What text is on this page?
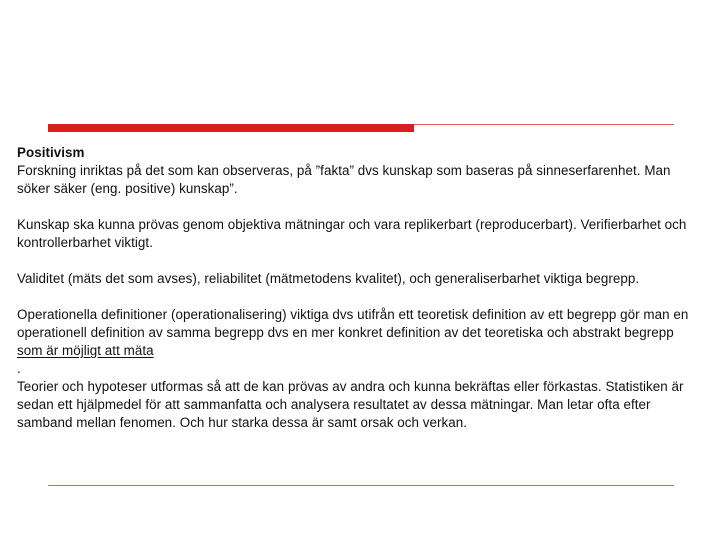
Positivism

Forskning inriktas på det som kan observeras, på ”fakta” dvs kunskap som baseras på sinneserfarenhet. Man söker säker (eng. positive) kunskap”.

Kunskap ska kunna prövas genom objektiva mätningar och vara replikerbart (reproducerbart). Verifierbarhet och kontrollerbarhet viktigt.

Validitet (mäts det som avses), reliabilitet (mätmetodens kvalitet), och generaliserbarhet viktiga begrepp.

Operationella definitioner (operationalisering) viktiga dvs utifrån ett teoretisk definition av ett begrepp gör man en operationell definition av samma begrepp dvs en mer konkret definition av det teoretiska och abstrakt begrepp som är möjligt att mäta

.

Teorier och hypoteser utformas så att de kan prövas av andra och kunna bekräftas eller förkastas. Statistiken är sedan ett hjälpmedel för att sammanfatta och analysera resultatet av dessa mätningar. Man letar ofta efter samband mellan fenomen. Och hur starka dessa är samt orsak och verkan.
